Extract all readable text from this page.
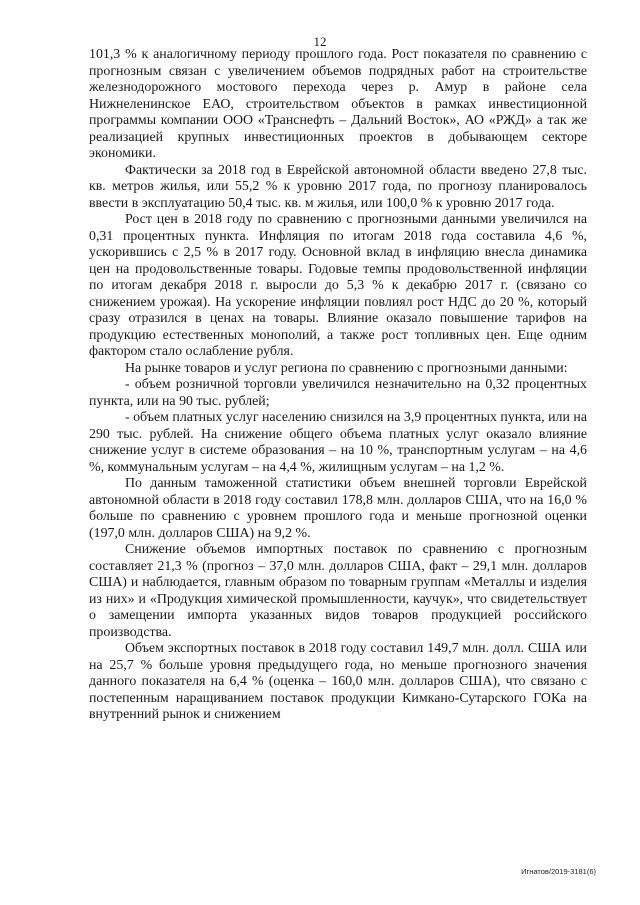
12

101,3 % к аналогичному периоду прошлого года. Рост показателя по сравнению с прогнозным связан с увеличением объемов подрядных работ на строительстве железнодорожного мостового перехода через р. Амур в районе села Нижнеленинское ЕАО, строительством объектов в рамках инвестиционной программы компании ООО «Транснефть – Дальний Восток», АО «РЖД» а так же реализацией крупных инвестиционных проектов в добывающем секторе экономики.

Фактически за 2018 год в Еврейской автономной области введено 27,8 тыс. кв. метров жилья, или 55,2 % к уровню 2017 года, по прогнозу планировалось ввести в эксплуатацию 50,4 тыс. кв. м жилья, или 100,0 % к уровню 2017 года.

Рост цен в 2018 году по сравнению с прогнозными данными увеличился на 0,31 процентных пункта. Инфляция по итогам 2018 года составила 4,6 %, ускорившись с 2,5 % в 2017 году. Основной вклад в инфляцию внесла динамика цен на продовольственные товары. Годовые темпы продовольственной инфляции по итогам декабря 2018 г. выросли до 5,3 % к декабрю 2017 г. (связано со снижением урожая). На ускорение инфляции повлиял рост НДС до 20 %, который сразу отразился в ценах на товары. Влияние оказало повышение тарифов на продукцию естественных монополий, а также рост топливных цен. Еще одним фактором стало ослабление рубля.

На рынке товаров и услуг региона по сравнению с прогнозными данными:

- объем розничной торговли увеличился незначительно на 0,32 процентных пункта, или на 90 тыс. рублей;

- объем платных услуг населению снизился на 3,9 процентных пункта, или на 290 тыс. рублей. На снижение общего объема платных услуг оказало влияние снижение услуг в системе образования – на 10 %, транспортным услугам – на 4,6 %, коммунальным услугам – на 4,4 %, жилищным услугам – на 1,2 %.

По данным таможенной статистики объем внешней торговли Еврейской автономной области в 2018 году составил 178,8 млн. долларов США, что на 16,0 % больше по сравнению с уровнем прошлого года и меньше прогнозной оценки (197,0 млн. долларов США) на 9,2 %.

Снижение объемов импортных поставок по сравнению с прогнозным составляет 21,3 % (прогноз – 37,0 млн. долларов США, факт – 29,1 млн. долларов США) и наблюдается, главным образом по товарным группам «Металлы и изделия из них» и «Продукция химической промышленности, каучук», что свидетельствует о замещении импорта указанных видов товаров продукцией российского производства.

Объем экспортных поставок в 2018 году составил 149,7 млн. долл. США или на 25,7 % больше уровня предыдущего года, но меньше прогнозного значения данного показателя на 6,4 % (оценка – 160,0 млн. долларов США), что связано с постепенным наращиванием поставок продукции Кимкано-Сутарского ГОКа на внутренний рынок и снижением

Игнатов/2019-3181(6)
